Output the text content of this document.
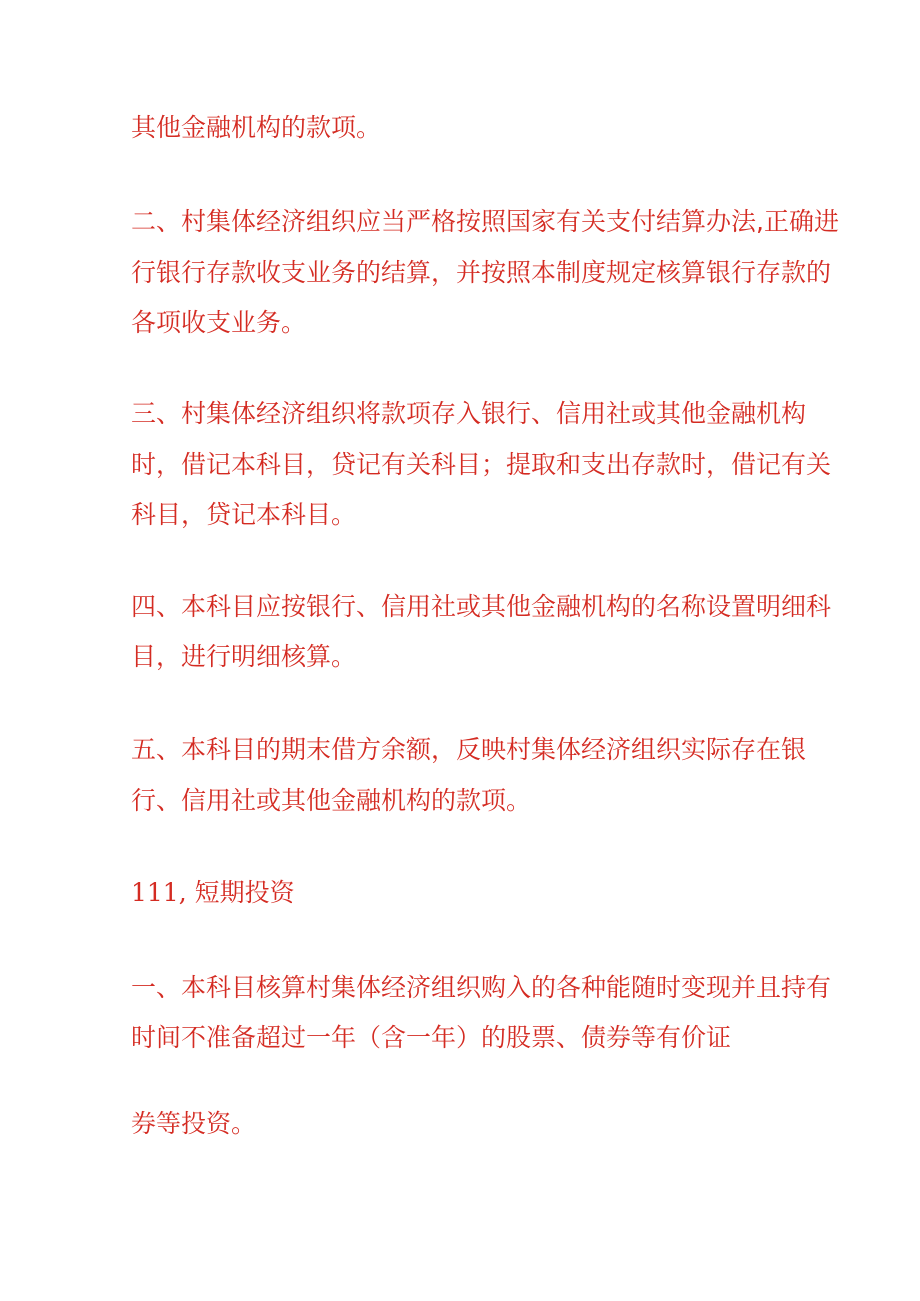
其他金融机构的款项。
二、村集体经济组织应当严格按照国家有关支付结算办法,正确进
行银行存款收支业务的结算，并按照本制度规定核算银行存款的
各项收支业务。
三、村集体经济组织将款项存入银行、信用社或其他金融机构
时，借记本科目，贷记有关科目；提取和支出存款时，借记有关
科目，贷记本科目。
四、本科目应按银行、信用社或其他金融机构的名称设置明细科
目，进行明细核算。
五、本科目的期末借方余额，反映村集体经济组织实际存在银
行、信用社或其他金融机构的款项。
111, 短期投资
一、本科目核算村集体经济组织购入的各种能随时变现并且持有
时间不准备超过一年（含一年）的股票、债券等有价证
券等投资。
